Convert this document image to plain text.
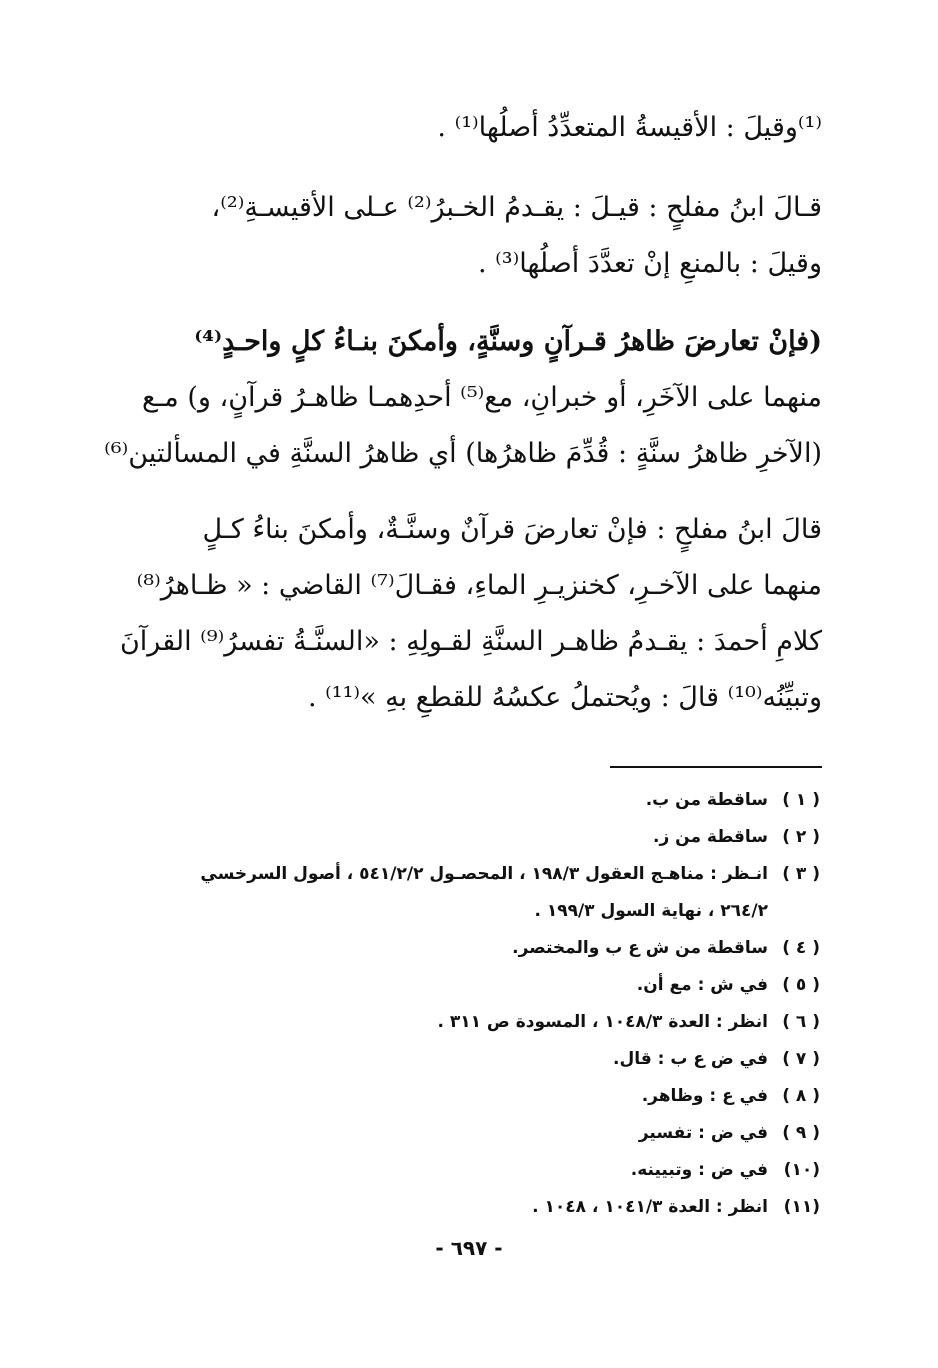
⁽¹⁾وقيلَ : الأقيسةُ المتعدِّدُ أصلُها⁽¹⁾ .
قـالَ ابنُ مفلحٍ : قيـلَ : يقـدمُ الخـبرُ⁽²⁾ عـلى الأقيسـةِ⁽²⁾،
وقيلَ : بالمنعِ إنْ تعدَّدَ أصلُها⁽³⁾ .
(فإنْ تعارضَ ظاهرُ قـرآنٍ وسنَّةٍ، وأمكنَ بنـاءُ كلٍ واحـدٍ⁽⁴⁾
منهما على الآخَرِ، أو خبرانِ، مع⁽⁵⁾ أحدِهمـا ظاهـرُ قرآنٍ، و) مـع
(الآخرِ ظاهرُ سنَّةٍ : قُدِّمَ ظاهرُها) أي ظاهرُ السنَّةِ في المسألتين⁽⁶⁾
قالَ ابنُ مفلحٍ : فإنْ تعارضَ قرآنٌ وسنَّـةٌ، وأمكنَ بناءُ كـلٍ
منهما على الآخـرِ، كخنزيـرِ الماءِ، فقـالَ⁽⁷⁾ القاضي : « ظـاهرُ⁽⁸⁾
كلامِ أحمدَ : يقـدمُ ظاهـر السنَّةِ لقـولِهِ : «السنَّـةُ تفسرُ⁽⁹⁾ القرآنَ
وتبيِّنُه⁽¹⁰⁾ قالَ : ويُحتملُ عكسُهُ للقطعِ بهِ »⁽¹¹⁾ .
( ١ )
ساقطة من ب.
( ٢ )
ساقطة من ز.
( ٣ )
انـظر : مناهـج العقول ١٩٨/٣ ، المحصـول ٥٤١/٢/٢ ، أصول السرخسي
٢٦٤/٢ ، نهاية السول ١٩٩/٣ .
( ٤ )
ساقطة من ش ع ب والمختصر.
( ٥ )
في ش : مع أن.
( ٦ )
انظر : العدة ١٠٤٨/٣ ، المسودة ص ٣١١ .
( ٧ )
في ض ع ب : قال.
( ٨ )
في ع : وظاهر.
( ٩ )
في ض : تفسير
(١٠)
في ض : وتبيينه.
(١١)
انظر : العدة ١٠٤١/٣ ، ١٠٤٨ .
- ٦٩٧ -
